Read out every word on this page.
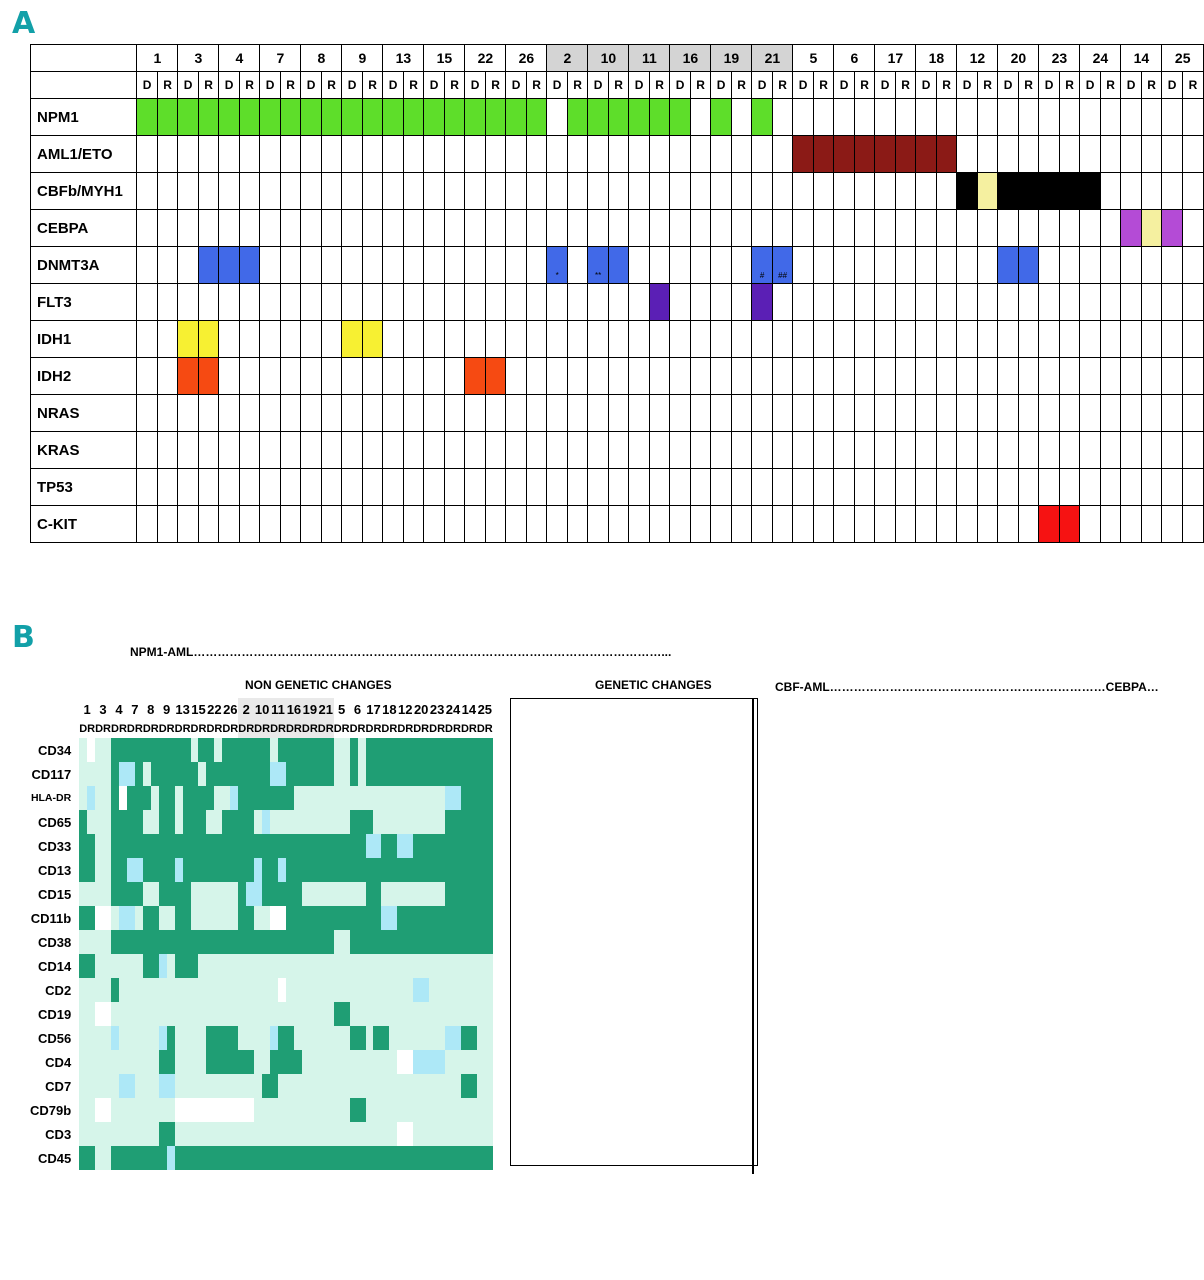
A
	1		3		4		7		8		9		13		15		22		26		2		10		11		16		19		21		5		6		17		18		12		20		23		24		14		25	
	D	R	D	R	D	R	D	R	D	R	D	R	D	R	D	R	D	R	D	R	D	R	D	R	D	R	D	R	D	R	D	R	D	R	D	R	D	R	D	R	D	R	D	R	D	R	D	R	D	R	D	R
NPM1																																																				
AML1/ETO																																																				
CBFb/MYH1																																																				
CEBPA																																																				
DNMT3A																					*		**								#	##																				

FLT3																																																				
IDH1																																																				
IDH2																																																				
NRAS																																																				
KRAS																																																				
TP53																																																				
C-KIT																																																				
B	NPM1-AML………………………………………………………………………………………………………...
NON GENETIC CHANGES	GENETIC CHANGES	CBF-AML……………………………………………………………CEBPA…
	1		3		4		7		8		9		13		15		22		26		2		10		11		16		19		21		5		6		17		18		12		20		23		24		14		25	
	D	R	D	R	D	R	D	R	D	R	D	R	D	R	D	R	D	R	D	R	D	R	D	R	D	R	D	R	D	R	D	R	D	R	D	R	D	R	D	R	D	R	D	R	D	R	D	R	D	R	D	R
CD34																																																				
CD117																																																				
HLA-DR																																																				
CD65																																																				
CD33																																																				
CD13																																																				
CD15																																																				
CD11b																																																				
CD38																																																				
CD14																																																				
CD2																																																				
CD19																																																				
CD56																																																				
CD4																																																				
CD7																																																				
CD79b																																																				
CD3																																																				
CD45																																																				
